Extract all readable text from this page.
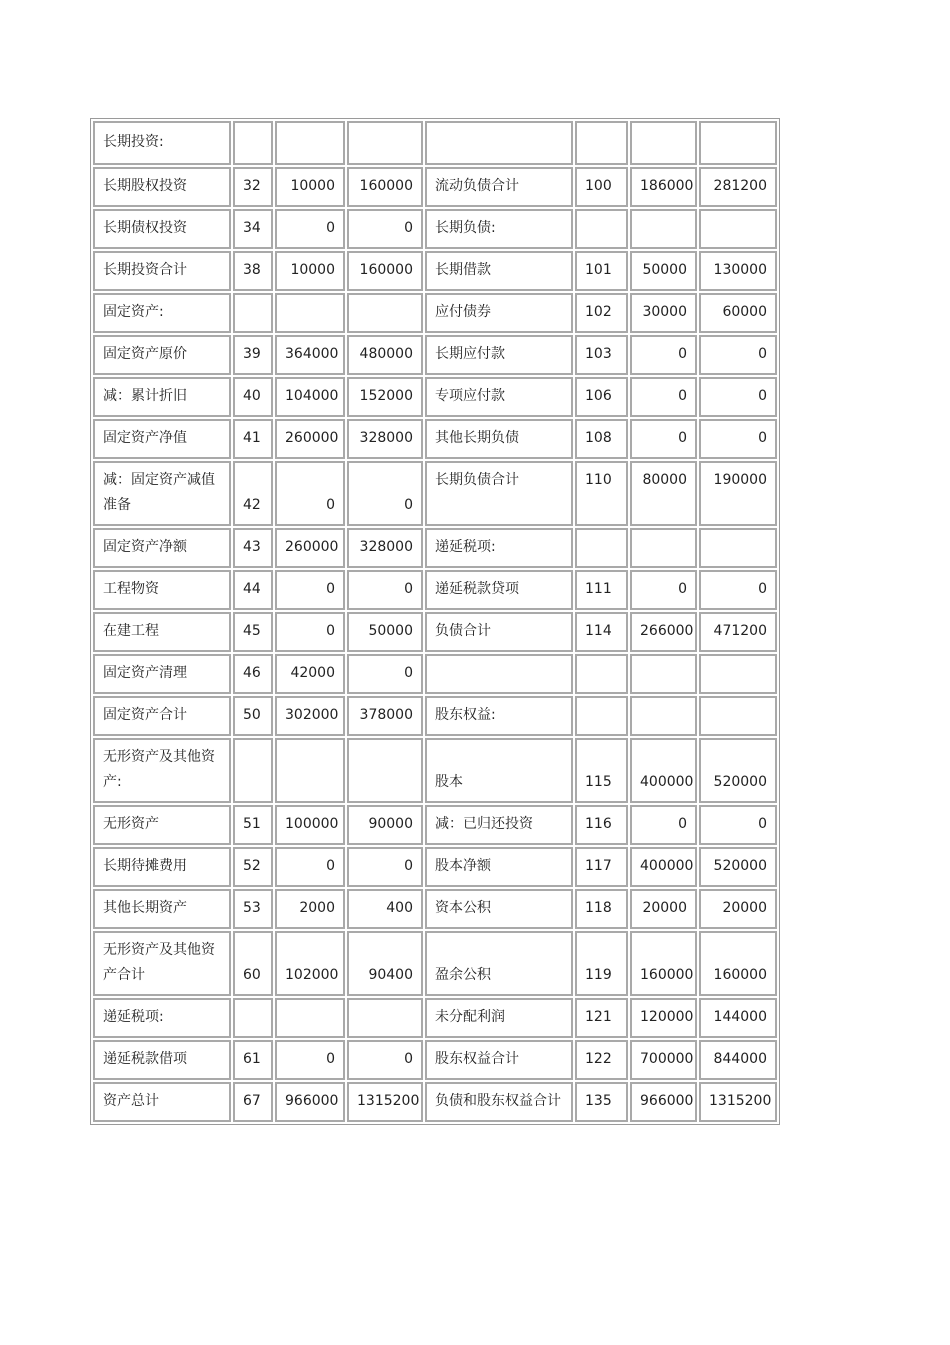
长期投资:							
长期股权投资	32	10000	160000	流动负债合计	100	186000	281200
长期债权投资	34	0	0	长期负债:			
长期投资合计	38	10000	160000	长期借款	101	50000	130000
固定资产:				应付债券	102	30000	60000
固定资产原价	39	364000	480000	长期应付款	103	0	0
减：累计折旧	40	104000	152000	专项应付款	106	0	0
固定资产净值	41	260000	328000	其他长期负债	108	0	0
减：固定资产减值准备	42	0	0	长期负债合计	110	80000	190000
固定资产净额	43	260000	328000	递延税项:			
工程物资	44	0	0	递延税款贷项	111	0	0
在建工程	45	0	50000	负债合计	114	266000	471200
固定资产清理	46	42000	0				
固定资产合计	50	302000	378000	股东权益:			
无形资产及其他资产:				股本	115	400000	520000
无形资产	51	100000	90000	减：已归还投资	116	0	0
长期待摊费用	52	0	0	股本净额	117	400000	520000
其他长期资产	53	2000	400	资本公积	118	20000	20000
无形资产及其他资产合计	60	102000	90400	盈余公积	119	160000	160000
递延税项:				未分配利润	121	120000	144000
递延税款借项	61	0	0	股东权益合计	122	700000	844000
资产总计	67	966000	1315200	负债和股东权益合计	135	966000	1315200
